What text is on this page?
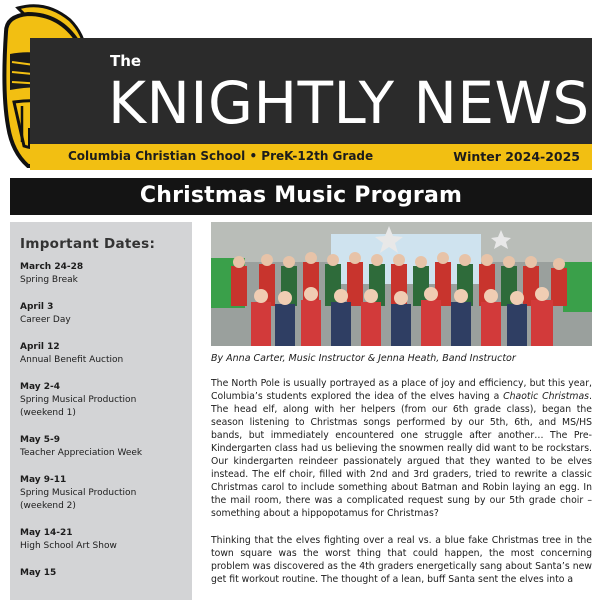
The
KNIGHTLY NEWS
Columbia Christian School • PreK-12th Grade	Winter 2024-2025
Christmas Music Program
Important Dates:
March 24-28
Spring Break
April 3
Career Day
April 12
Annual Benefit Auction
May 2-4
Spring Musical Production
(weekend 1)
May 5-9
Teacher Appreciation Week
May 9-11
Spring Musical Production
(weekend 2)
May 14-21
High School Art Show
May 15
By Anna Carter, Music Instructor & Jenna Heath, Band Instructor

The North Pole is usually portrayed as a place of joy and efficiency, but this year, Columbia’s students explored the idea of the elves having a Chaotic Christmas. The head elf, along with her helpers (from our 6th grade class), began the season listening to Christmas songs performed by our 5th, 6th, and MS/HS bands, but immediately encountered one struggle after another… The Pre-Kindergarten class had us believing the snowmen really did want to be rockstars. Our kindergarten reindeer passionately argued that they wanted to be elves instead. The elf choir, filled with 2nd and 3rd graders, tried to rewrite a classic Christmas carol to include something about Batman and Robin laying an egg. In the mail room, there was a complicated request sung by our 5th grade choir – something about a hippopotamus for Christmas?

Thinking that the elves fighting over a real vs. a blue fake Christmas tree in the town square was the worst thing that could happen, the most concerning problem was discovered as the 4th graders energetically sang about Santa’s new get fit workout routine. The thought of a lean, buff Santa sent the elves into a
